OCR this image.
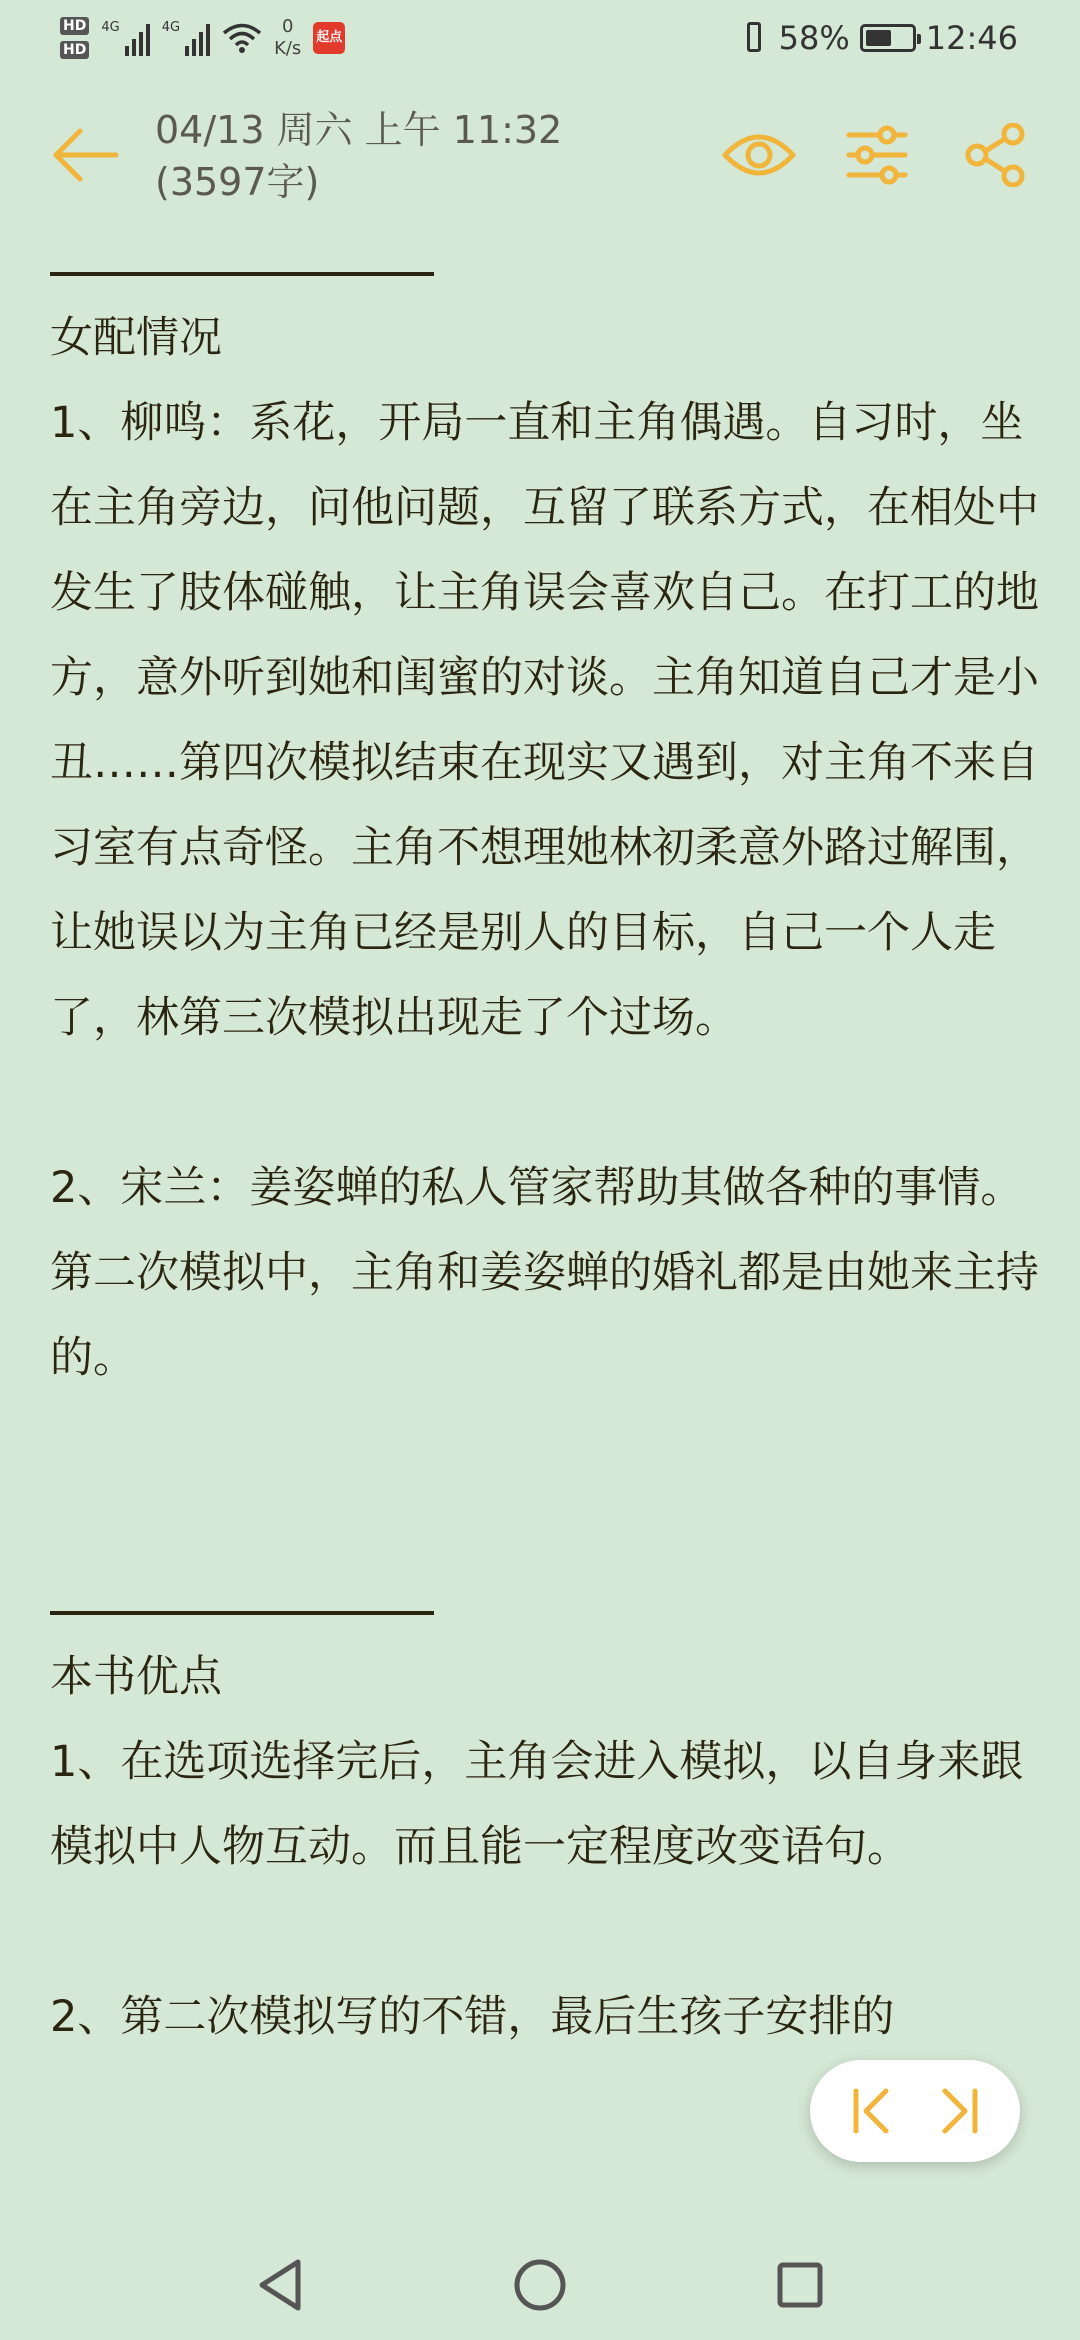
HD
HD
4G	4G	0
K/s
起点	58% 12:46
04/13 周六 上午 11:32
(3597字)

女配情况

1、柳鸣：系花，开局一直和主角偶遇。自习时，坐在主角旁边，问他问题，互留了联系方式，在相处中发生了肢体碰触，让主角误会喜欢自己。在打工的地方，意外听到她和闺蜜的对谈。主角知道自己才是小丑……第四次模拟结束在现实又遇到，对主角不来自习室有点奇怪。主角不想理她林初柔意外路过解围，让她误以为主角已经是别人的目标，自己一个人走了，林第三次模拟出现走了个过场。

2、宋兰：姜姿蝉的私人管家帮助其做各种的事情。第二次模拟中，主角和姜姿蝉的婚礼都是由她来主持的。

本书优点

1、在选项选择完后，主角会进入模拟，以自身来跟模拟中人物互动。而且能一定程度改变语句。

2、第二次模拟写的不错，最后生孩子安排的
